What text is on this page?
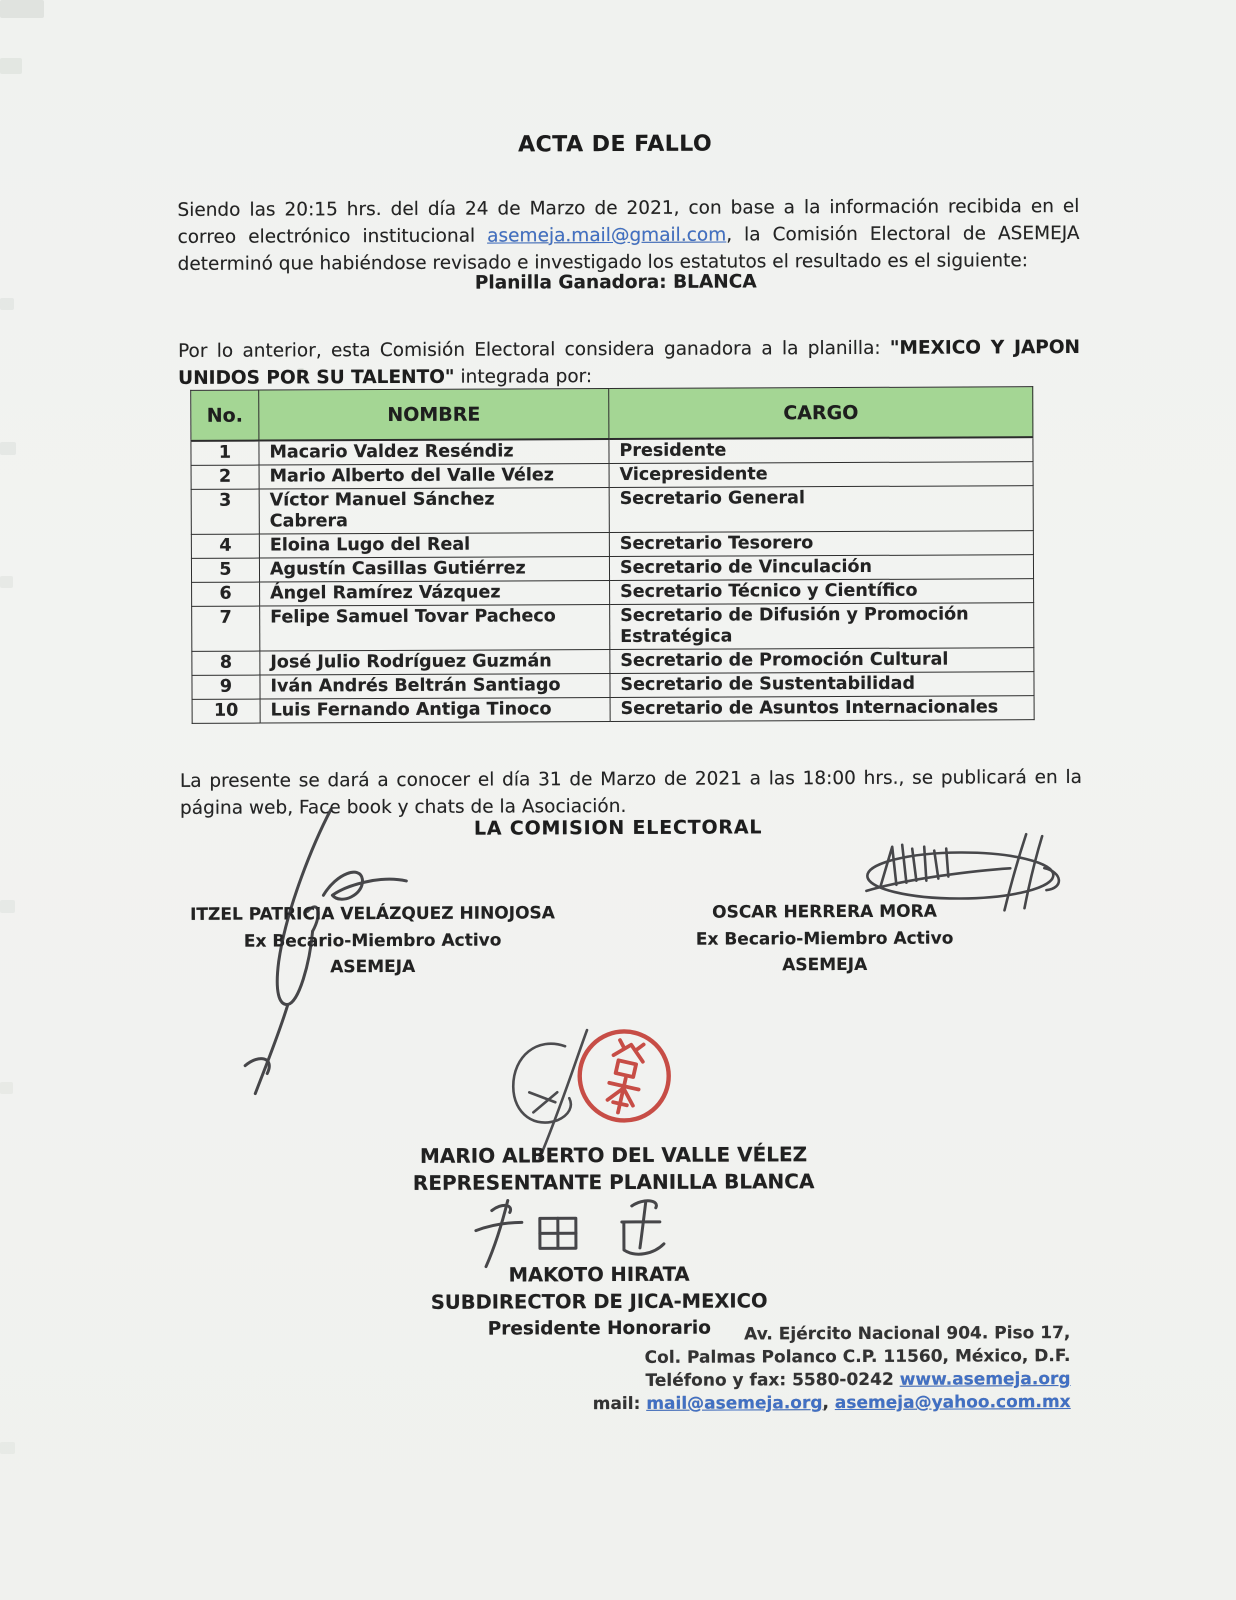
ACTA DE FALLO

Siendo las 20:15 hrs. del día 24 de Marzo de 2021, con base a la información recibida en el correo electrónico institucional asemeja.mail@gmail.com, la Comisión Electoral de ASEMEJA determinó que habiéndose revisado e investigado los estatutos el resultado es el siguiente:

Planilla Ganadora: BLANCA

Por lo anterior, esta Comisión Electoral considera ganadora a la planilla: "MEXICO Y JAPON UNIDOS POR SU TALENTO" integrada por:

No.	NOMBRE	CARGO
1	Macario Valdez Reséndiz	Presidente
2	Mario Alberto del Valle Vélez	Vicepresidente
3	Víctor Manuel Sánchez
Cabrera	Secretario General
4	Eloina Lugo del Real	Secretario Tesorero
5	Agustín Casillas Gutiérrez	Secretario de Vinculación
6	Ángel Ramírez Vázquez	Secretario Técnico y Científico
7	Felipe Samuel Tovar Pacheco	Secretario de Difusión y Promoción
Estratégica
8	José Julio Rodríguez Guzmán	Secretario de Promoción Cultural
9	Iván Andrés Beltrán Santiago	Secretario de Sustentabilidad
10	Luis Fernando Antiga Tinoco	Secretario de Asuntos Internacionales

La presente se dará a conocer el día 31 de Marzo de 2021 a las 18:00 hrs., se publicará en la página web, Face book y chats de la Asociación.

LA COMISION ELECTORAL
ITZEL PATRICIA VELÁZQUEZ HINOJOSA
Ex Becario-Miembro Activo
ASEMEJA
OSCAR HERRERA MORA
Ex Becario-Miembro Activo
ASEMEJA
MARIO ALBERTO DEL VALLE VÉLEZ
REPRESENTANTE PLANILLA BLANCA
MAKOTO HIRATA
SUBDIRECTOR DE JICA-MEXICO
Presidente Honorario	Av. Ejército Nacional 904. Piso 17,
Col. Palmas Polanco C.P. 11560, México, D.F.
Teléfono y fax: 5580-0242 www.asemeja.org
mail: mail@asemeja.org, asemeja@yahoo.com.mx
